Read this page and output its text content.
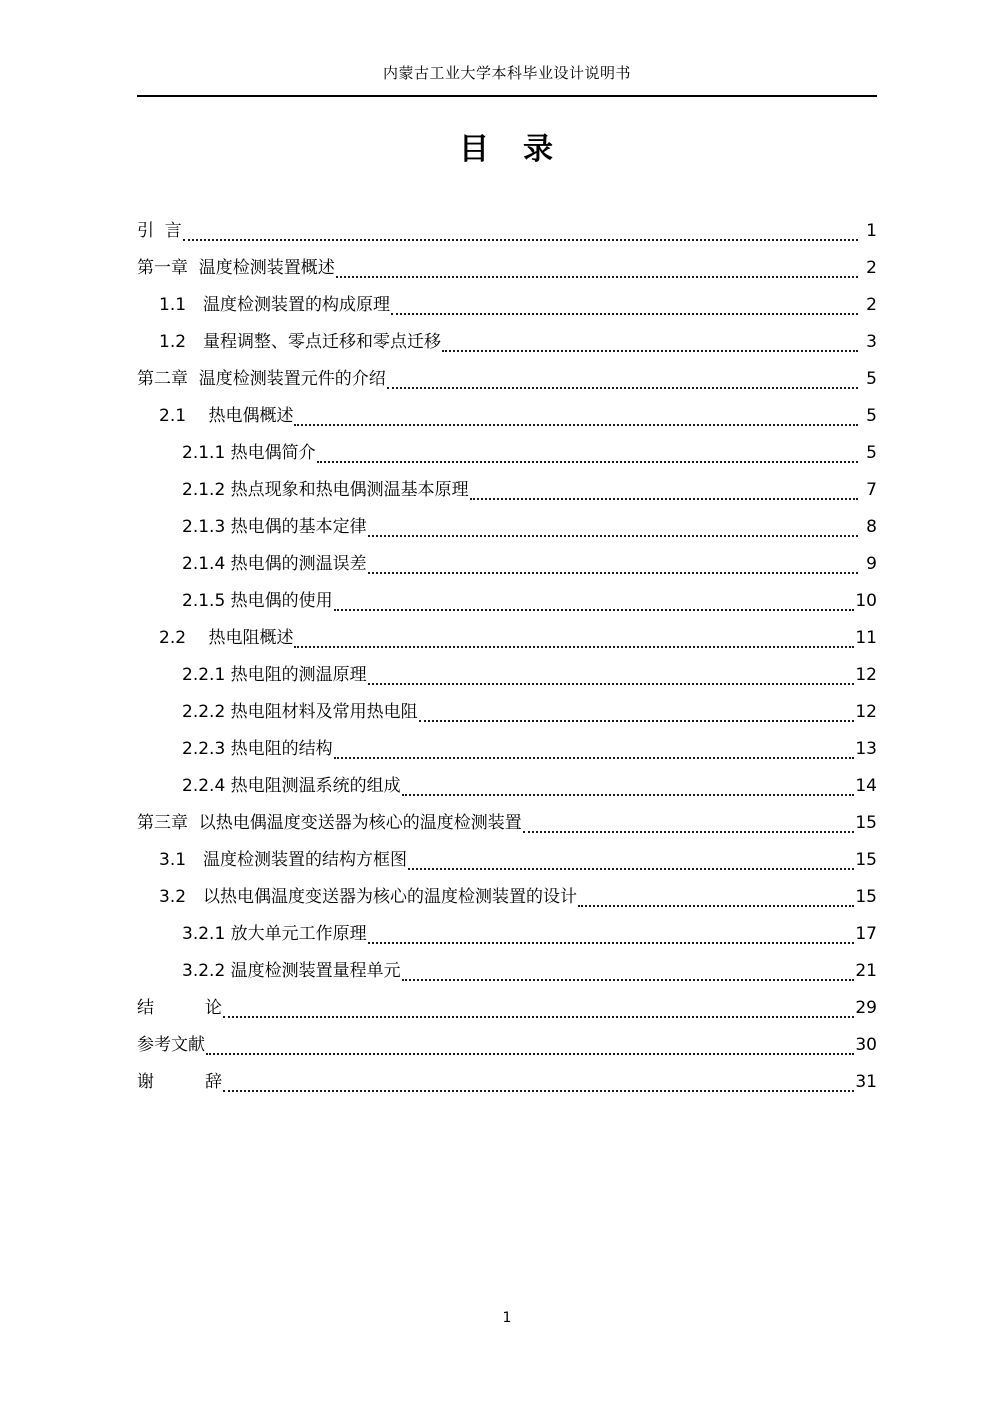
内蒙古工业大学本科毕业设计说明书
目　录
引  言	1
第一章  温度检测装置概述	2
1.1　温度检测装置的构成原理	2
1.2　量程调整、零点迁移和零点迁移	3
第二章  温度检测装置元件的介绍	5
2.1　 热电偶概述	5
2.1.1 热电偶简介	5
2.1.2 热点现象和热电偶测温基本原理	7
2.1.3 热电偶的基本定律	8
2.1.4 热电偶的测温误差	9
2.1.5 热电偶的使用	10
2.2　 热电阻概述	11
2.2.1 热电阻的测温原理	12
2.2.2 热电阻材料及常用热电阻	12
2.2.3 热电阻的结构	13
2.2.4 热电阻测温系统的组成	14
第三章  以热电偶温度变送器为核心的温度检测装置	15
3.1　温度检测装置的结构方框图	15
3.2　以热电偶温度变送器为核心的温度检测装置的设计	15
3.2.1 放大单元工作原理	17
3.2.2 温度检测装置量程单元	21
结　　　论	29
参考文献	30
谢　　　辞	31
1
